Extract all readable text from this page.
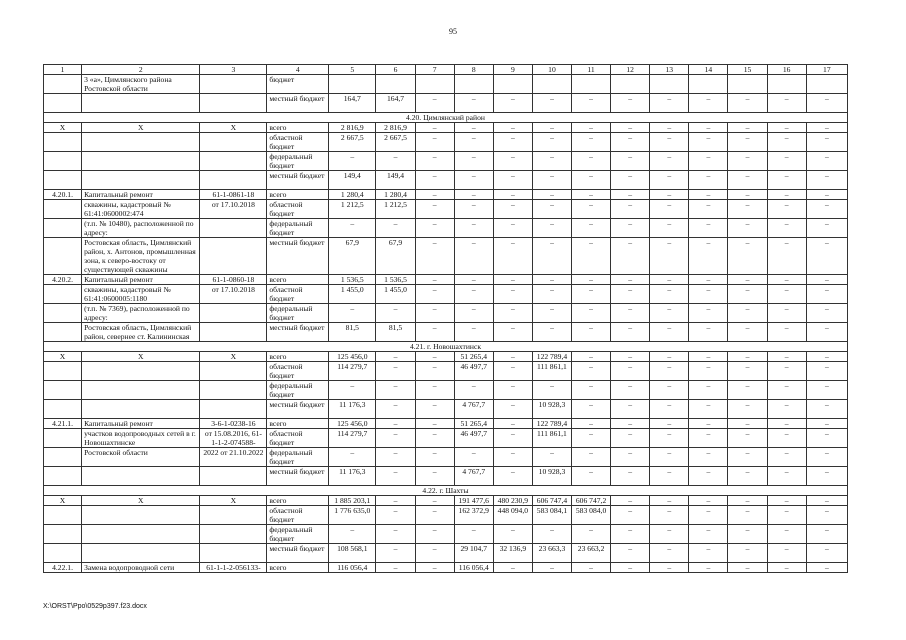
95
1	2	3	4	5	6	7	8	9	10	11	12	13	14	15	16	17
	3 «а», Цимлянского района Ростовской области		бюджет													
			местный бюджет	164,7	164,7	–	–	–	–	–	–	–	–	–	–	–
4.20. Цимлянский район																
X	X	X	всего	2 816,9	2 816,9	–	–	–	–	–	–	–	–	–	–	–
			областной бюджет	2 667,5	2 667,5	–	–	–	–	–	–	–	–	–	–	–
			федеральный бюджет	–	–	–	–	–	–	–	–	–	–	–	–	–
			местный бюджет	149,4	149,4	–	–	–	–	–	–	–	–	–	–	–
4.20.1.	Капитальный ремонт	61-1-0861-18	всего	1 280,4	1 280,4	–	–	–	–	–	–	–	–	–	–	–
	скважины, кадастровый № 61:41:0600002:474	от 17.10.2018	областной бюджет	1 212,5	1 212,5	–	–	–	–	–	–	–	–	–	–	–
	(т.п. № 10480), расположенной по адресу:		федеральный бюджет	–	–	–	–	–	–	–	–	–	–	–	–	–
	Ростовская область, Цимлянский район, х. Антонов, промышленная зона, к северо-востоку от существующей скважины		местный бюджет	67,9	67,9	–	–	–	–	–	–	–	–	–	–	–
4.20.2.	Капитальный ремонт	61-1-0860-18	всего	1 536,5	1 536,5	–	–	–	–	–	–	–	–	–	–	–
	скважины, кадастровый № 61:41:0600005:1180	от 17.10.2018	областной бюджет	1 455,0	1 455,0	–	–	–	–	–	–	–	–	–	–	–
	(т.п. № 7369), расположенной по адресу:		федеральный бюджет	–	–	–	–	–	–	–	–	–	–	–	–	–
	Ростовская область, Цимлянский район, севернее ст. Калининская		местный бюджет	81,5	81,5	–	–	–	–	–	–	–	–	–	–	–
4.21. г. Новошахтинск																
X	X	X	всего	125 456,0	–	–	51 265,4	–	122 789,4	–	–	–	–	–	–	–
			областной бюджет	114 279,7	–	–	46 497,7	–	111 861,1	–	–	–	–	–	–	–
			федеральный бюджет	–	–	–	–	–	–	–	–	–	–	–	–	–
			местный бюджет	11 176,3	–	–	4 767,7	–	10 928,3	–	–	–	–	–	–	–
4.21.1.	Капитальный ремонт	3-6-1-0238-16	всего	125 456,0	–	–	51 265,4	–	122 789,4	–	–	–	–	–	–	–
	участков водопроводных сетей в г. Новошахтинске	от 15.08.2016, 61-1-1-2-074588-	областной бюджет	114 279,7	–	–	46 497,7	–	111 861,1	–	–	–	–	–	–	–
	Ростовской области	2022 от 21.10.2022	федеральный бюджет	–	–	–	–	–	–	–	–	–	–	–	–	–
			местный бюджет	11 176,3	–	–	4 767,7	–	10 928,3	–	–	–	–	–	–	–
4.22. г. Шахты																
X	X	X	всего	1 885 203,1	–	–	191 477,6	480 230,9	606 747,4	606 747,2	–	–	–	–	–	–
			областной бюджет	1 776 635,0	–	–	162 372,9	448 094,0	583 084,1	583 084,0	–	–	–	–	–	–
			федеральный бюджет	–	–	–	–	–	–	–	–	–	–	–	–	–
			местный бюджет	108 568,1	–	–	29 104,7	32 136,9	23 663,3	23 663,2	–	–	–	–	–	–
4.22.1.	Замена водопроводной сети	61-1-1-2-056133-	всего	116 056,4	–	–	116 056,4	–	–	–	–	–	–	–	–	–
X:\ORST\Ppo\0529p397.f23.docx
